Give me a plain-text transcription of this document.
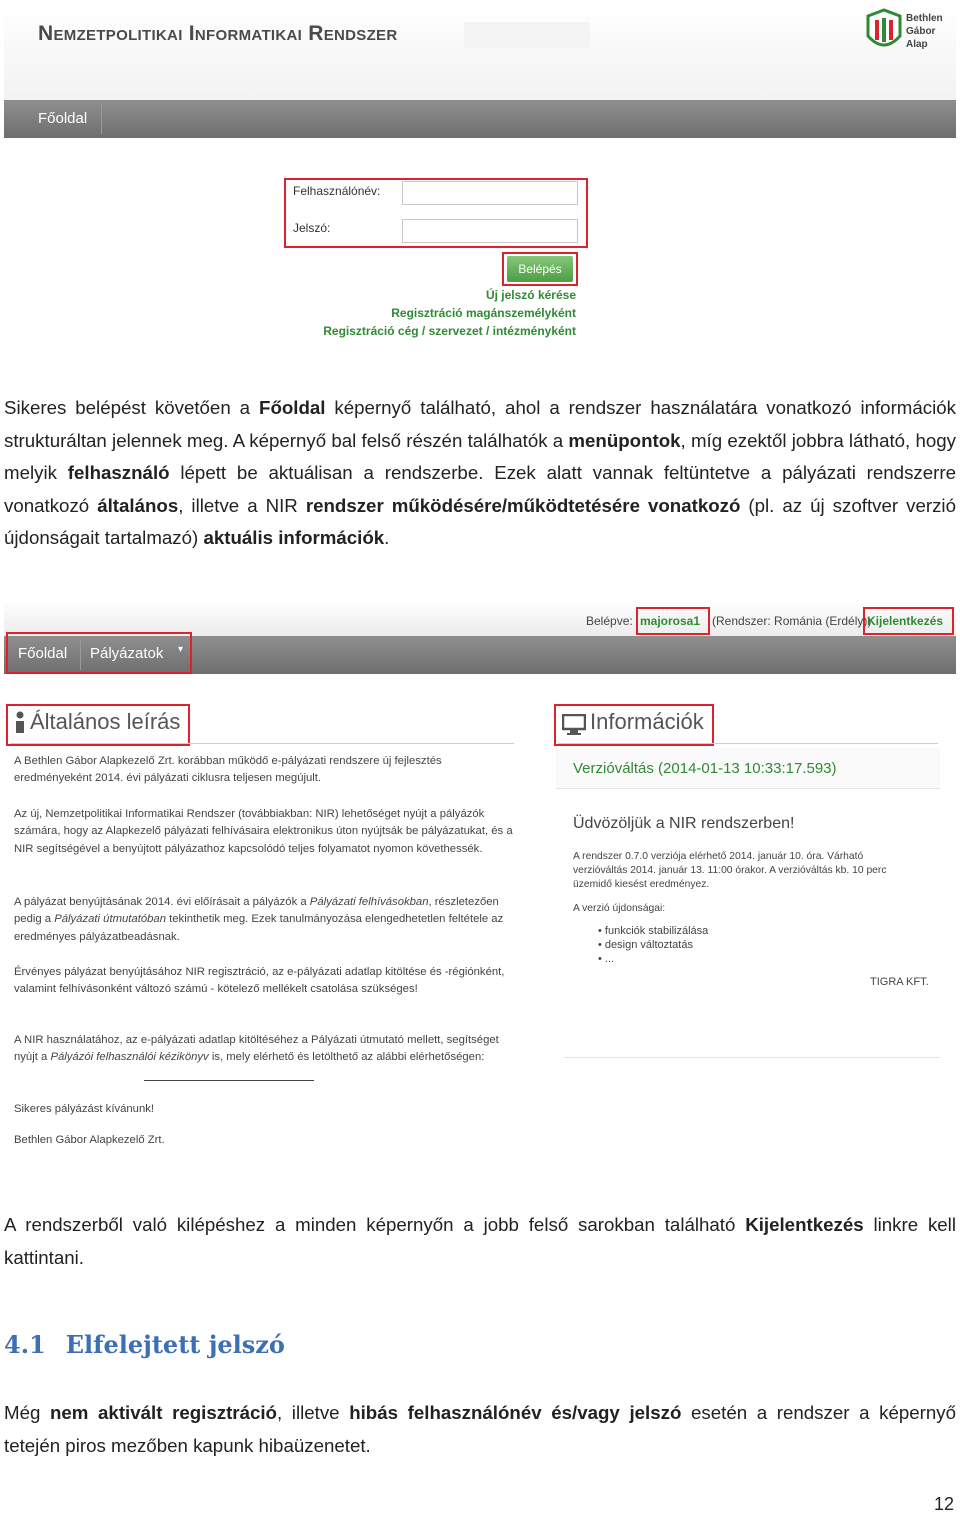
Nemzetpolitikai Informatikai Rendszer
Bethlen
Gábor
Alap
Főoldal
Felhasználónév:
Jelszó:
Belépés
Új jelszó kérése
Regisztráció magánszemélyként
Regisztráció cég / szervezet / intézményként
Sikeres belépést követően a Főoldal képernyő található, ahol a rendszer használatára vonatkozó információk strukturáltan jelennek meg. A képernyő bal felső részén találhatók a menüpontok, míg ezektől jobbra látható, hogy melyik felhasználó lépett be aktuálisan a rendszerbe. Ezek alatt vannak feltüntetve a pályázati rendszerre vonatkozó általános, illetve a NIR rendszer működésére/működtetésére vonatkozó (pl. az új szoftver verzió újdonságait tartalmazó) aktuális információk.
Belépve: majorosa1 (Rendszer: Románia (Erdély))
Kijelentkezés
Főoldal Pályázatok ▾
Általános leírás
A Bethlen Gábor Alapkezelő Zrt. korábban működő e-pályázati rendszere új fejlesztés eredményeként 2014. évi pályázati ciklusra teljesen megújult.
Az új, Nemzetpolitikai Informatikai Rendszer (továbbiakban: NIR) lehetőséget nyújt a pályázók számára, hogy az Alapkezelő pályázati felhívásaira elektronikus úton nyújtsák be pályázatukat, és a NIR segítségével a benyújtott pályázathoz kapcsolódó teljes folyamatot nyomon követhessék.
A pályázat benyújtásának 2014. évi előírásait a pályázók a Pályázati felhívásokban, részletezően pedig a Pályázati útmutatóban tekinthetik meg. Ezek tanulmányozása elengedhetetlen feltétele az eredményes pályázatbeadásnak.
Érvényes pályázat benyújtásához NIR regisztráció, az e-pályázati adatlap kitöltése és -régiónként, valamint felhívásonként változó számú - kötelező mellékelt csatolása szükséges!
A NIR használatához, az e-pályázati adatlap kitöltéséhez a Pályázati útmutató mellett, segítséget nyújt a Pályázói felhasználói kézikönyv is, mely elérhető és letölthető az alábbi elérhetőségen:
Sikeres pályázást kívánunk!
Bethlen Gábor Alapkezelő Zrt.
Információk
Verzióváltás (2014-01-13 10:33:17.593)
Üdvözöljük a NIR rendszerben!
A rendszer 0.7.0 verziója elérhető 2014. január 10. óra. Várható verzióváltás 2014. január 13. 11:00 órakor. A verzióváltás kb. 10 perc üzemidő kiesést eredményez.
A verzió újdonságai:
• funkciók stabilizálása
• design változtatás
• ...
TIGRA KFT.
A rendszerből való kilépéshez a minden képernyőn a jobb felső sarokban található Kijelentkezés linkre kell kattintani.
4.1 Elfelejtett jelszó
Még nem aktivált regisztráció, illetve hibás felhasználónév és/vagy jelszó esetén a rendszer a képernyő tetején piros mezőben kapunk hibaüzenetet.
12
